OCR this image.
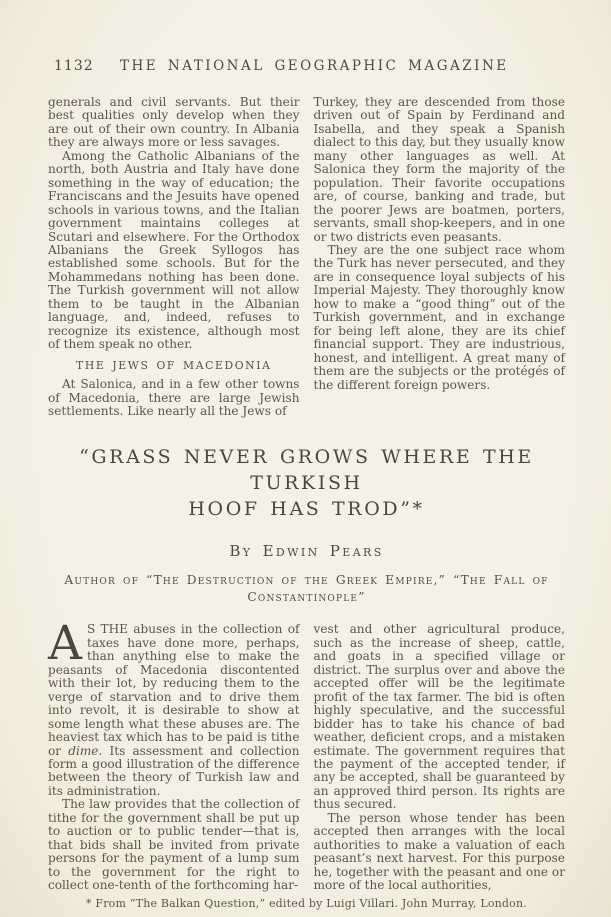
1132	THE NATIONAL GEOGRAPHIC MAGAZINE

generals and civil servants. But their best qualities only develop when they are out of their own country. In Albania they are always more or less savages.

Among the Catholic Albanians of the north, both Austria and Italy have done something in the way of education; the Franciscans and the Jesuits have opened schools in various towns, and the Italian government maintains colleges at Scutari and elsewhere. For the Orthodox Albanians the Greek Syllogos has established some schools. But for the Mohammedans nothing has been done. The Turkish government will not allow them to be taught in the Albanian language, and, indeed, refuses to recognize its existence, although most of them speak no other.

THE JEWS OF MACEDONIA

At Salonica, and in a few other towns of Macedonia, there are large Jewish settlements. Like nearly all the Jews of

Turkey, they are descended from those driven out of Spain by Ferdinand and Isabella, and they speak a Spanish dialect to this day, but they usually know many other languages as well. At Salonica they form the majority of the population. Their favorite occupations are, of course, banking and trade, but the poorer Jews are boatmen, porters, servants, small shop-keepers, and in one or two districts even peasants.

They are the one subject race whom the Turk has never persecuted, and they are in consequence loyal subjects of his Imperial Majesty. They thoroughly know how to make a “good thing” out of the Turkish government, and in exchange for being left alone, they are its chief financial support. They are industrious, honest, and intelligent. A great many of them are the subjects or the protégés of the different foreign powers.

“GRASS NEVER GROWS WHERE THE TURKISH
HOOF HAS TROD”*
By Edwin Pears
Author of “The Destruction of the Greek Empire,” “The Fall of
Constantinople”

A S THE abuses in the collection of taxes have done more, perhaps, than anything else to make the peasants of Macedonia discontented with their lot, by reducing them to the verge of starvation and to drive them into revolt, it is desirable to show at some length what these abuses are. The heaviest tax which has to be paid is tithe or dime. Its assessment and collection form a good illustration of the difference between the theory of Turkish law and its administration.

The law provides that the collection of tithe for the government shall be put up to auction or to public tender—that is, that bids shall be invited from private persons for the payment of a lump sum to the government for the right to collect one-tenth of the forthcoming har-

vest and other agricultural produce, such as the increase of sheep, cattle, and goats in a specified village or district. The surplus over and above the accepted offer will be the legitimate profit of the tax farmer. The bid is often highly speculative, and the successful bidder has to take his chance of bad weather, deficient crops, and a mistaken estimate. The government requires that the payment of the accepted tender, if any be accepted, shall be guaranteed by an approved third person. Its rights are thus secured.

The person whose tender has been accepted then arranges with the local authorities to make a valuation of each peasant’s next harvest. For this purpose he, together with the peasant and one or more of the local authorities,

* From “The Balkan Question,” edited by Luigi Villari. John Murray, London.
